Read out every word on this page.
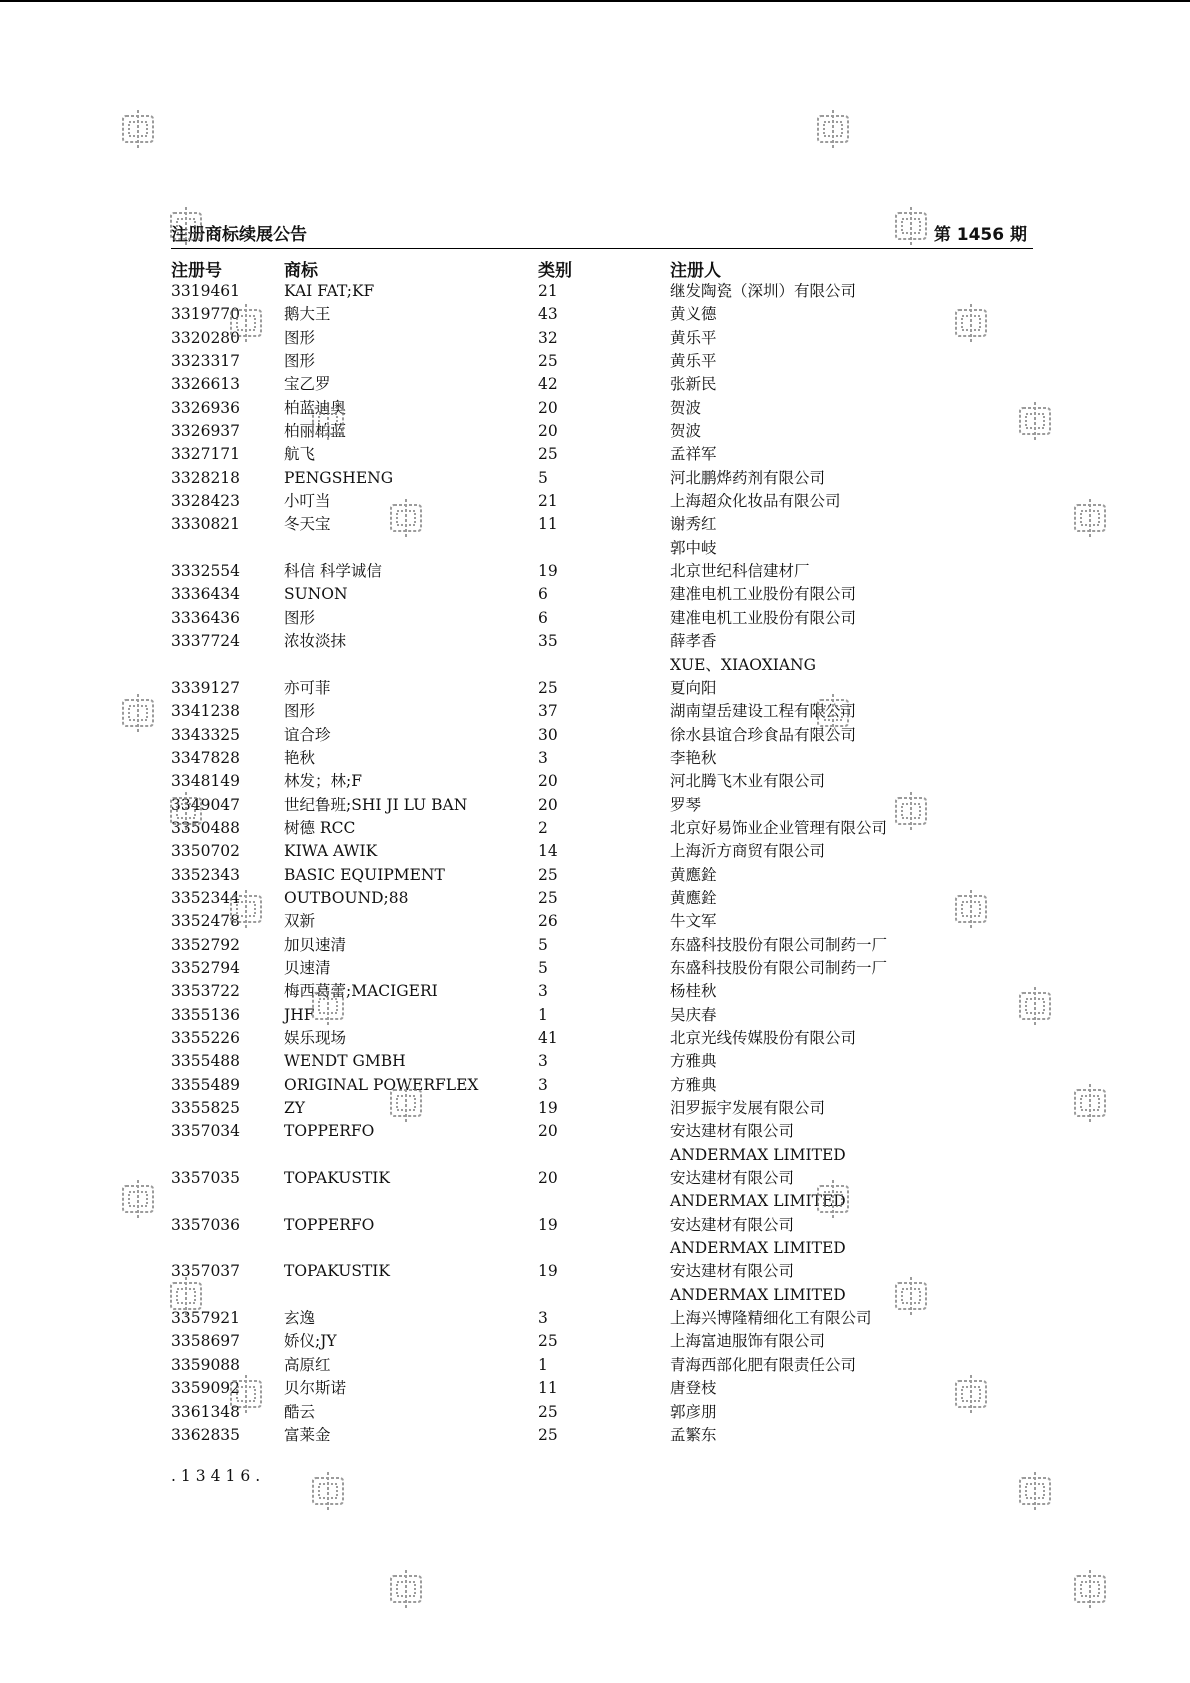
注册商标续展公告	第 1456 期
注册号	商标	类别	注册人
3319461	KAI FAT;KF	21	继发陶瓷（深圳）有限公司
3319770	鹅大王	43	黄义德
3320280	图形	32	黄乐平
3323317	图形	25	黄乐平
3326613	宝乙罗	42	张新民
3326936	柏蓝迪奥	20	贺波
3326937	柏丽柏蓝	20	贺波
3327171	航飞	25	孟祥军
3328218	PENGSHENG	5	河北鹏烨药剂有限公司
3328423	小叮当	21	上海超众化妆品有限公司
3330821	冬天宝	11	谢秀红
郭中岐
3332554	科信 科学诚信	19	北京世纪科信建材厂
3336434	SUNON	6	建准电机工业股份有限公司
3336436	图形	6	建准电机工业股份有限公司
3337724	浓妆淡抹	35	薛孝香
XUE、XIAOXIANG
3339127	亦可菲	25	夏向阳
3341238	图形	37	湖南望岳建设工程有限公司
3343325	谊合珍	30	徐水县谊合珍食品有限公司
3347828	艳秋	3	李艳秋
3348149	林发；林;F	20	河北腾飞木业有限公司
3349047	世纪鲁班;SHI JI LU BAN	20	罗琴
3350488	树德 RCC	2	北京好易饰业企业管理有限公司
3350702	KIWA AWIK	14	上海沂方商贸有限公司
3352343	BASIC EQUIPMENT	25	黄應銓
3352344	OUTBOUND;88	25	黄應銓
3352478	双新	26	牛文军
3352792	加贝速清	5	东盛科技股份有限公司制药一厂
3352794	贝速清	5	东盛科技股份有限公司制药一厂
3353722	梅西葛蕾;MACIGERI	3	杨桂秋
3355136	JHF	1	吴庆春
3355226	娱乐现场	41	北京光线传媒股份有限公司
3355488	WENDT GMBH	3	方雅典
3355489	ORIGINAL POWERFLEX	3	方雅典
3355825	ZY	19	汨罗振宇发展有限公司
3357034	TOPPERFO	20	安达建材有限公司
ANDERMAX LIMITED
3357035	TOPAKUSTIK	20	安达建材有限公司
ANDERMAX LIMITED
3357036	TOPPERFO	19	安达建材有限公司
ANDERMAX LIMITED
3357037	TOPAKUSTIK	19	安达建材有限公司
ANDERMAX LIMITED
3357921	玄逸	3	上海兴博隆精细化工有限公司
3358697	娇仪;JY	25	上海富迪服饰有限公司
3359088	高原红	1	青海西部化肥有限责任公司
3359092	贝尔斯诺	11	唐登枝
3361348	酷云	25	郭彦朋
3362835	富莱金	25	孟繁东
.13416.
